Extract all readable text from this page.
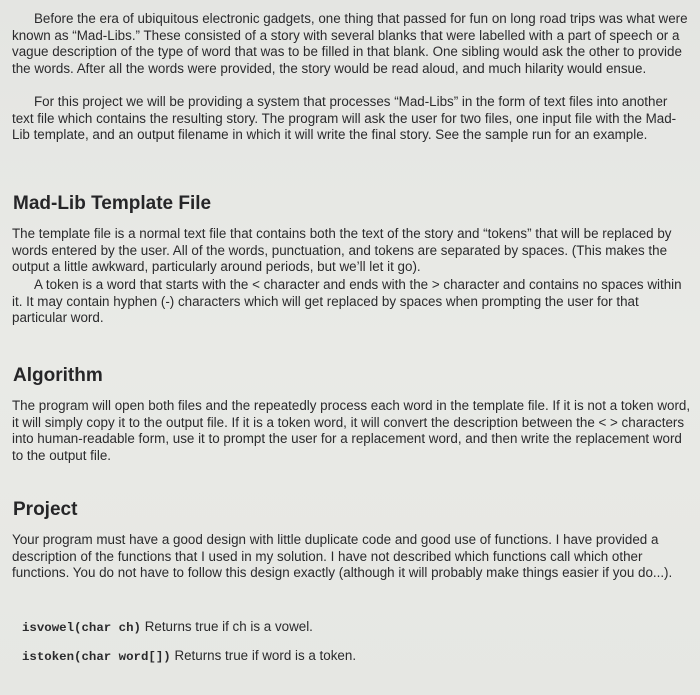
Before the era of ubiquitous electronic gadgets, one thing that passed for fun on long road trips was what were known as “Mad-Libs.” These consisted of a story with several blanks that were labelled with a part of speech or a vague description of the type of word that was to be filled in that blank. One sibling would ask the other to provide the words. After all the words were provided, the story would be read aloud, and much hilarity would ensue.

For this project we will be providing a system that processes “Mad-Libs” in the form of text files into another text file which contains the resulting story. The program will ask the user for two files, one input file with the Mad-Lib template, and an output filename in which it will write the final story. See the sample run for an example.

Mad-Lib Template File

The template file is a normal text file that contains both the text of the story and “tokens” that will be replaced by words entered by the user. All of the words, punctuation, and tokens are separated by spaces. (This makes the output a little awkward, particularly around periods, but we’ll let it go).

A token is a word that starts with the < character and ends with the > character and contains no spaces within it. It may contain hyphen (-) characters which will get replaced by spaces when prompting the user for that particular word.

Algorithm

The program will open both files and the repeatedly process each word in the template file. If it is not a token word, it will simply copy it to the output file. If it is a token word, it will convert the description between the < > characters into human-readable form, use it to prompt the user for a replacement word, and then write the replacement word to the output file.

Project

Your program must have a good design with little duplicate code and good use of functions. I have provided a description of the functions that I used in my solution. I have not described which functions call which other functions. You do not have to follow this design exactly (although it will probably make things easier if you do...).

isvowel(char ch) Returns true if ch is a vowel.
istoken(char word[]) Returns true if word is a token.
